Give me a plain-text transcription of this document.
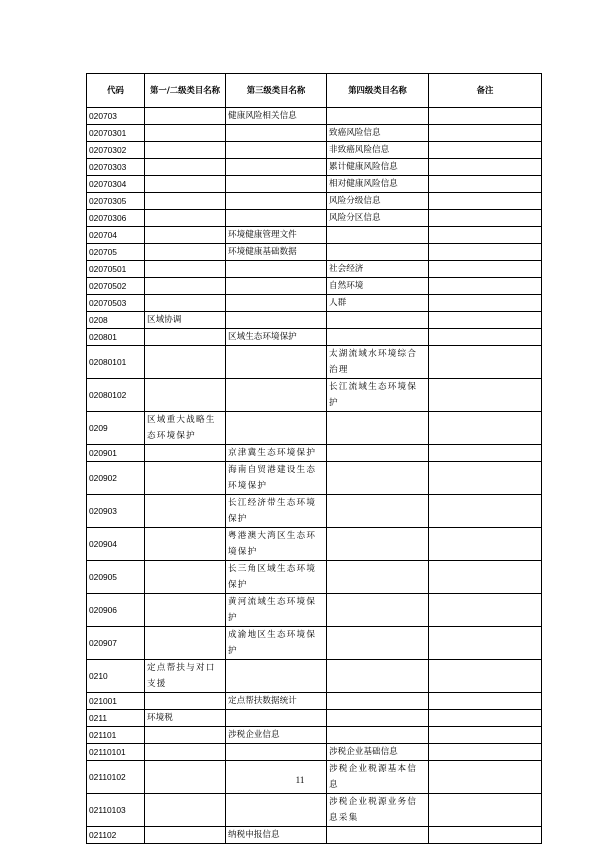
代码	第一/二级类目名称	第三级类目名称	第四级类目名称	备注
020703		健康风险相关信息		
02070301			致癌风险信息	
02070302			非致癌风险信息	
02070303			累计健康风险信息	
02070304			相对健康风险信息	
02070305			风险分级信息	
02070306			风险分区信息	
020704		环境健康管理文件		
020705		环境健康基础数据		
02070501			社会经济	
02070502			自然环境	
02070503			人群	
0208	区域协调			
020801		区域生态环境保护		
02080101			太湖流域水环境综合治理	
02080102			长江流域生态环境保护	
0209	区域重大战略生态环境保护			
020901		京津冀生态环境保护		
020902		海南自贸港建设生态环境保护		
020903		长江经济带生态环境保护		
020904		粤港澳大湾区生态环境保护		
020905		长三角区域生态环境保护		
020906		黄河流域生态环境保护		
020907		成渝地区生态环境保护		
0210	定点帮扶与对口支援			
021001		定点帮扶数据统计		
0211	环境税			
021101		涉税企业信息		
02110101			涉税企业基础信息	
02110102			涉税企业税源基本信息	
02110103			涉税企业税源业务信息采集	
021102		纳税申报信息		
11
